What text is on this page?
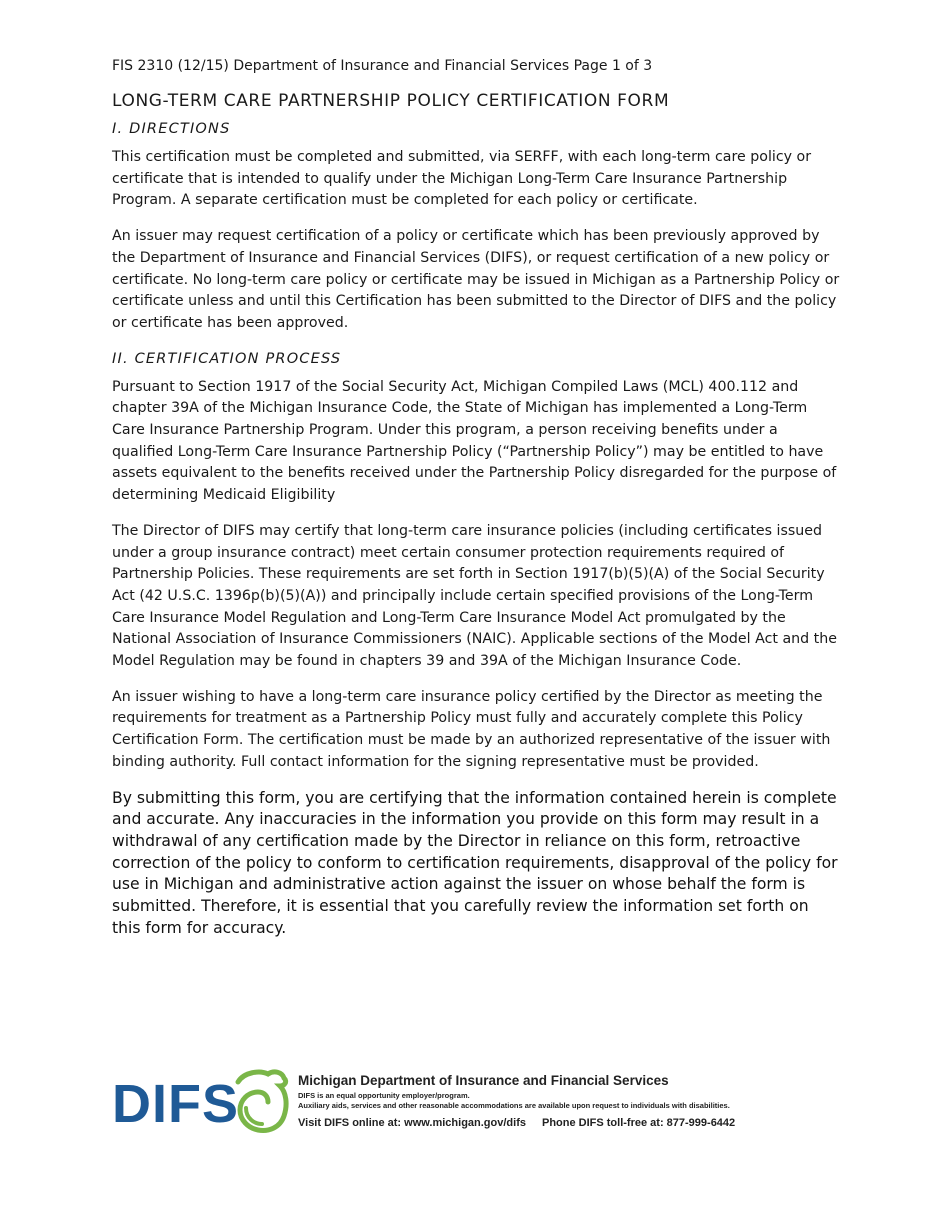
FIS 2310 (12/15) Department of Insurance and Financial Services Page 1 of 3
LONG-TERM CARE PARTNERSHIP POLICY CERTIFICATION FORM
I. DIRECTIONS

This certification must be completed and submitted, via SERFF, with each long-term care policy or certificate that is intended to qualify under the Michigan Long-Term Care Insurance Partnership Program. A separate certification must be completed for each policy or certificate.

An issuer may request certification of a policy or certificate which has been previously approved by the Department of Insurance and Financial Services (DIFS), or request certification of a new policy or certificate. No long-term care policy or certificate may be issued in Michigan as a Partnership Policy or certificate unless and until this Certification has been submitted to the Director of DIFS and the policy or certificate has been approved.

II. CERTIFICATION PROCESS

Pursuant to Section 1917 of the Social Security Act, Michigan Compiled Laws (MCL) 400.112 and chapter 39A of the Michigan Insurance Code, the State of Michigan has implemented a Long-Term Care Insurance Partnership Program. Under this program, a person receiving benefits under a qualified Long-Term Care Insurance Partnership Policy (“Partnership Policy”) may be entitled to have assets equivalent to the benefits received under the Partnership Policy disregarded for the purpose of determining Medicaid Eligibility

The Director of DIFS may certify that long-term care insurance policies (including certificates issued under a group insurance contract) meet certain consumer protection requirements required of Partnership Policies. These requirements are set forth in Section 1917(b)(5)(A) of the Social Security Act (42 U.S.C. 1396p(b)(5)(A)) and principally include certain specified provisions of the Long-Term Care Insurance Model Regulation and Long-Term Care Insurance Model Act promulgated by the National Association of Insurance Commissioners (NAIC). Applicable sections of the Model Act and the Model Regulation may be found in chapters 39 and 39A of the Michigan Insurance Code.

An issuer wishing to have a long-term care insurance policy certified by the Director as meeting the requirements for treatment as a Partnership Policy must fully and accurately complete this Policy Certification Form. The certification must be made by an authorized representative of the issuer with binding authority. Full contact information for the signing representative must be provided.

By submitting this form, you are certifying that the information contained herein is complete and accurate. Any inaccuracies in the information you provide on this form may result in a withdrawal of any certification made by the Director in reliance on this form, retroactive correction of the policy to conform to certification requirements, disapproval of the policy for use in Michigan and administrative action against the issuer on whose behalf the form is submitted. Therefore, it is essential that you carefully review the information set forth on this form for accuracy.

DIFS	Michigan Department of Insurance and Financial Services
DIFS is an equal opportunity employer/program.
Auxiliary aids, services and other reasonable accommodations are available upon request to individuals with disabilities.
Visit DIFS online at: www.michigan.gov/difs Phone DIFS toll-free at: 877-999-6442
